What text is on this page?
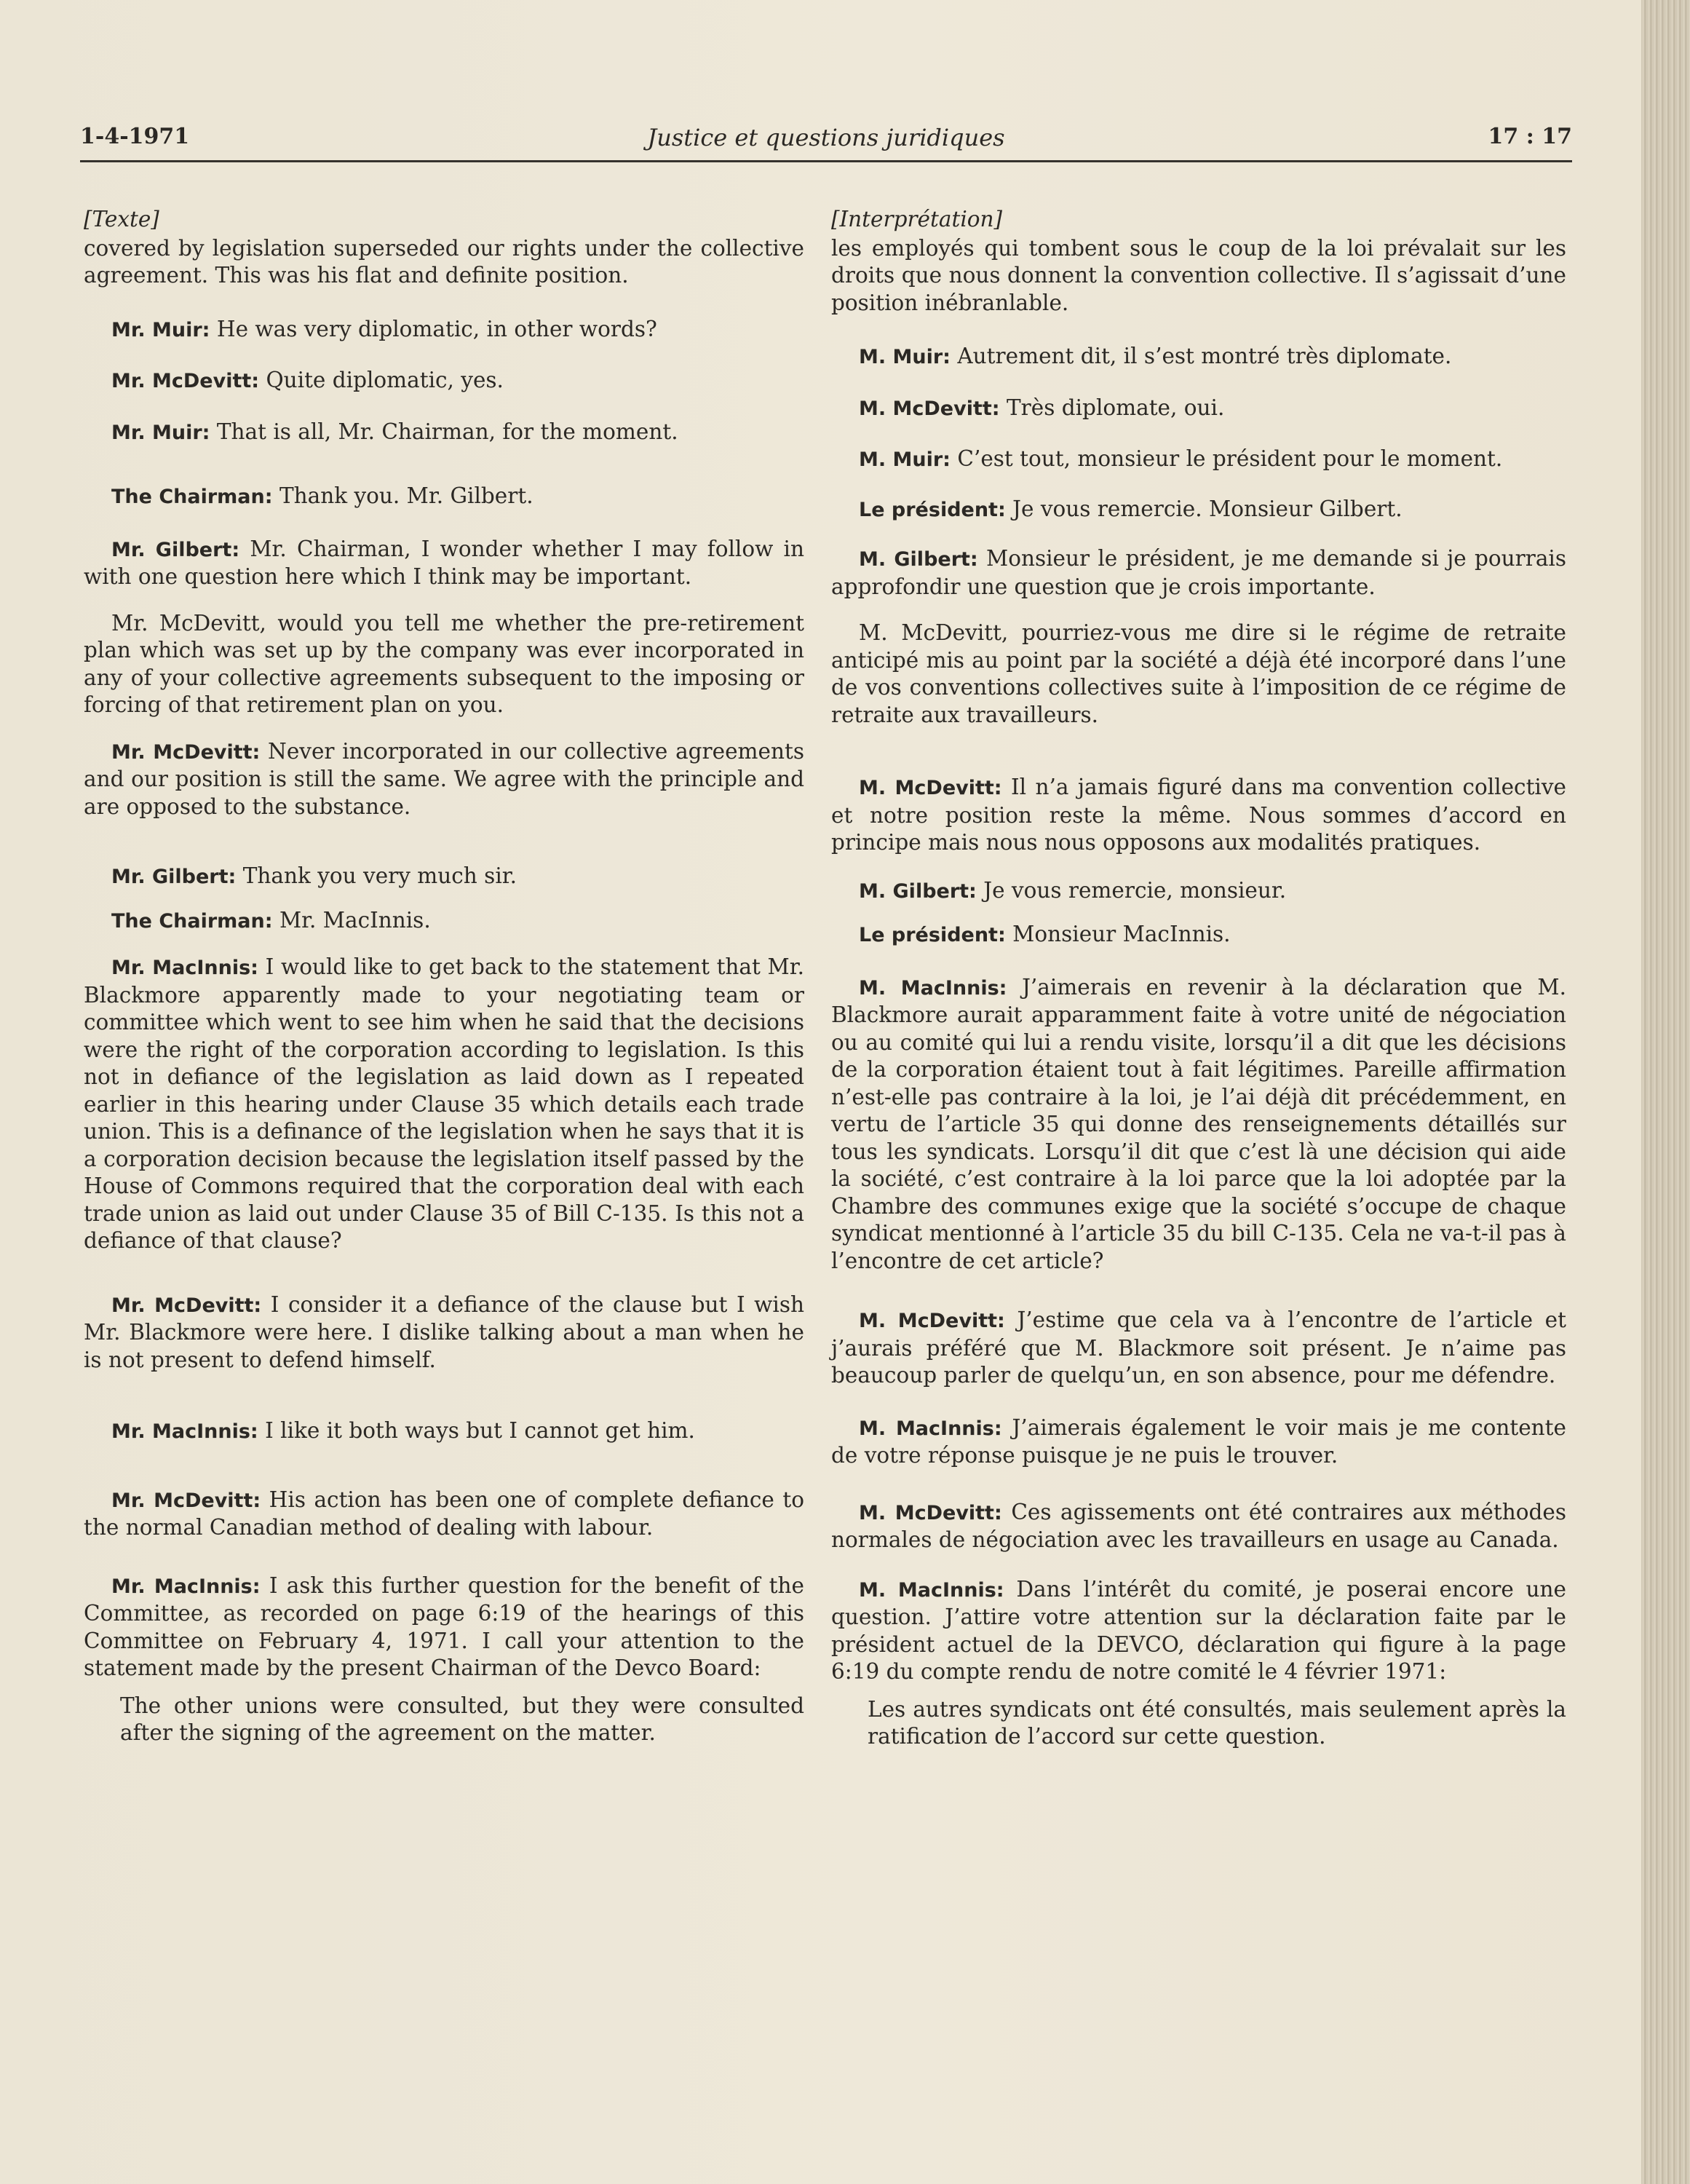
1-4-1971	Justice et questions juridiques	17 : 17
[Texte]

covered by legislation superseded our rights under the collective agreement. This was his flat and definite position.

Mr. Muir: He was very diplomatic, in other words?

Mr. McDevitt: Quite diplomatic, yes.

Mr. Muir: That is all, Mr. Chairman, for the moment.

The Chairman: Thank you. Mr. Gilbert.

Mr. Gilbert: Mr. Chairman, I wonder whether I may follow in with one question here which I think may be important.

Mr. McDevitt, would you tell me whether the pre-retirement plan which was set up by the company was ever incorporated in any of your collective agreements subsequent to the imposing or forcing of that retirement plan on you.

Mr. McDevitt: Never incorporated in our collective agreements and our position is still the same. We agree with the principle and are opposed to the substance.

Mr. Gilbert: Thank you very much sir.

The Chairman: Mr. MacInnis.

Mr. MacInnis: I would like to get back to the statement that Mr. Blackmore apparently made to your negotiating team or committee which went to see him when he said that the decisions were the right of the corporation according to legislation. Is this not in defiance of the legislation as laid down as I repeated earlier in this hearing under Clause 35 which details each trade union. This is a definance of the legislation when he says that it is a corporation decision because the legislation itself passed by the House of Commons required that the corporation deal with each trade union as laid out under Clause 35 of Bill C-135. Is this not a defiance of that clause?

Mr. McDevitt: I consider it a defiance of the clause but I wish Mr. Blackmore were here. I dislike talking about a man when he is not present to defend himself.

Mr. MacInnis: I like it both ways but I cannot get him.

Mr. McDevitt: His action has been one of complete defiance to the normal Canadian method of dealing with labour.

Mr. MacInnis: I ask this further question for the benefit of the Committee, as recorded on page 6:19 of the hearings of this Committee on February 4, 1971. I call your attention to the statement made by the present Chairman of the Devco Board:

The other unions were consulted, but they were consulted after the signing of the agreement on the matter.

[Interprétation]

les employés qui tombent sous le coup de la loi prévalait sur les droits que nous donnent la convention collective. Il s’agissait d’une position inébranlable.

M. Muir: Autrement dit, il s’est montré très diplomate.

M. McDevitt: Très diplomate, oui.

M. Muir: C’est tout, monsieur le président pour le moment.

Le président: Je vous remercie. Monsieur Gilbert.

M. Gilbert: Monsieur le président, je me demande si je pourrais approfondir une question que je crois importante.

M. McDevitt, pourriez-vous me dire si le régime de retraite anticipé mis au point par la société a déjà été incorporé dans l’une de vos conventions collectives suite à l’imposition de ce régime de retraite aux travailleurs.

M. McDevitt: Il n’a jamais figuré dans ma convention collective et notre position reste la même. Nous sommes d’accord en principe mais nous nous opposons aux modalités pratiques.

M. Gilbert: Je vous remercie, monsieur.

Le président: Monsieur MacInnis.

M. MacInnis: J’aimerais en revenir à la déclaration que M. Blackmore aurait apparamment faite à votre unité de négociation ou au comité qui lui a rendu visite, lorsqu’il a dit que les décisions de la corporation étaient tout à fait légitimes. Pareille affirmation n’est-elle pas contraire à la loi, je l’ai déjà dit précédemment, en vertu de l’article 35 qui donne des renseignements détaillés sur tous les syndicats. Lorsqu’il dit que c’est là une décision qui aide la société, c’est contraire à la loi parce que la loi adoptée par la Chambre des communes exige que la société s’occupe de chaque syndicat mentionné à l’article 35 du bill C-135. Cela ne va-t-il pas à l’encontre de cet article?

M. McDevitt: J’estime que cela va à l’encontre de l’article et j’aurais préféré que M. Blackmore soit présent. Je n’aime pas beaucoup parler de quelqu’un, en son absence, pour me défendre.

M. MacInnis: J’aimerais également le voir mais je me contente de votre réponse puisque je ne puis le trouver.

M. McDevitt: Ces agissements ont été contraires aux méthodes normales de négociation avec les travailleurs en usage au Canada.

M. MacInnis: Dans l’intérêt du comité, je poserai encore une question. J’attire votre attention sur la déclaration faite par le président actuel de la DEVCO, déclaration qui figure à la page 6:19 du compte rendu de notre comité le 4 février 1971:

Les autres syndicats ont été consultés, mais seulement après la ratification de l’accord sur cette question.
